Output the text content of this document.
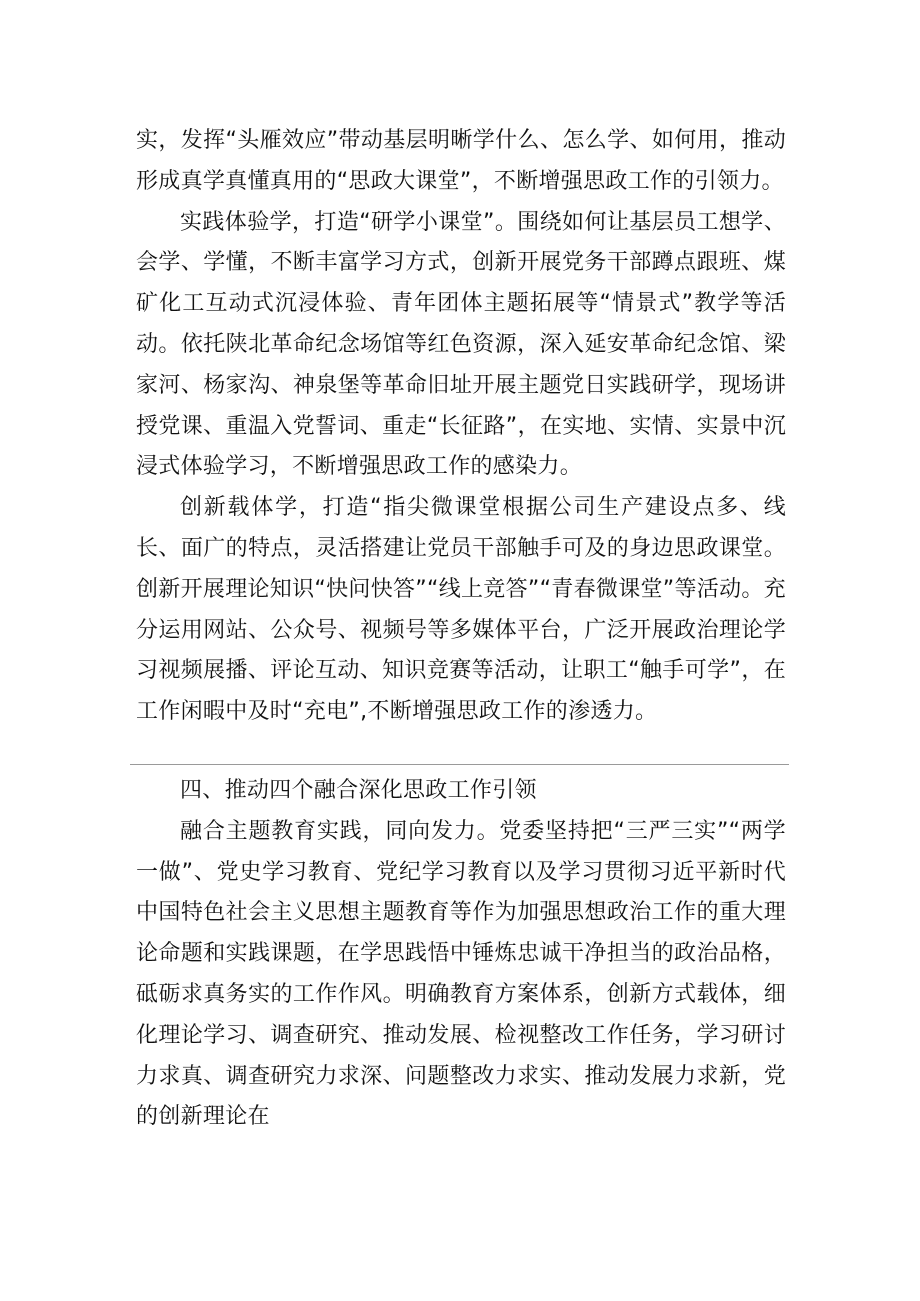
实，发挥“头雁效应”带动基层明晰学什么、怎么学、如何用，推动形成真学真懂真用的“思政大课堂”，不断增强思政工作的引领力。

实践体验学，打造“研学小课堂”。围绕如何让基层员工想学、会学、学懂，不断丰富学习方式，创新开展党务干部蹲点跟班、煤矿化工互动式沉浸体验、青年团体主题拓展等“情景式”教学等活动。依托陕北革命纪念场馆等红色资源，深入延安革命纪念馆、梁家河、杨家沟、神泉堡等革命旧址开展主题党日实践研学，现场讲授党课、重温入党誓词、重走“长征路”，在实地、实情、实景中沉浸式体验学习，不断增强思政工作的感染力。

创新载体学，打造“指尖微课堂根据公司生产建设点多、线长、面广的特点，灵活搭建让党员干部触手可及的身边思政课堂。创新开展理论知识“快问快答”“线上竞答”“青春微课堂”等活动。充分运用网站、公众号、视频号等多媒体平台，广泛开展政治理论学习视频展播、评论互动、知识竞赛等活动，让职工“触手可学”，在工作闲暇中及时“充电”,不断增强思政工作的渗透力。

四、推动四个融合深化思政工作引领

融合主题教育实践，同向发力。党委坚持把“三严三实”“两学一做”、党史学习教育、党纪学习教育以及学习贯彻习近平新时代中国特色社会主义思想主题教育等作为加强思想政治工作的重大理论命题和实践课题，在学思践悟中锤炼忠诚干净担当的政治品格，砥砺求真务实的工作作风。明确教育方案体系，创新方式载体，细化理论学习、调查研究、推动发展、检视整改工作任务，学习研讨力求真、调查研究力求深、问题整改力求实、推动发展力求新，党的创新理论在
